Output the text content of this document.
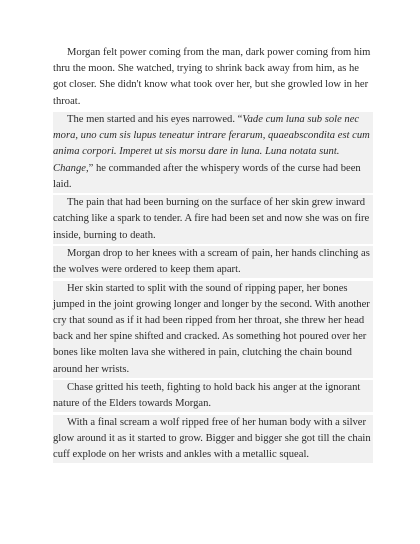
Morgan felt power coming from the man, dark power coming from him thru the moon. She watched, trying to shrink back away from him, as he got closer. She didn't know what took over her, but she growled low in her throat.

The men started and his eyes narrowed. “Vade cum luna sub sole nec mora, uno cum sis lupus teneatur intrare ferarum, quaeabscondita est cum anima corpori. Imperet ut sis morsu dare in luna. Luna notata sunt. Change,” he commanded after the whispery words of the curse had been laid.

The pain that had been burning on the surface of her skin grew inward catching like a spark to tender. A fire had been set and now she was on fire inside, burning to death.

Morgan drop to her knees with a scream of pain, her hands clinching as the wolves were ordered to keep them apart.

Her skin started to split with the sound of ripping paper, her bones jumped in the joint growing longer and longer by the second. With another cry that sound as if it had been ripped from her throat, she threw her head back and her spine shifted and cracked. As something hot poured over her bones like molten lava she withered in pain, clutching the chain bound around her wrists.

Chase gritted his teeth, fighting to hold back his anger at the ignorant nature of the Elders towards Morgan.

With a final scream a wolf ripped free of her human body with a silver glow around it as it started to grow. Bigger and bigger she got till the chain cuff explode on her wrists and ankles with a metallic squeal.
